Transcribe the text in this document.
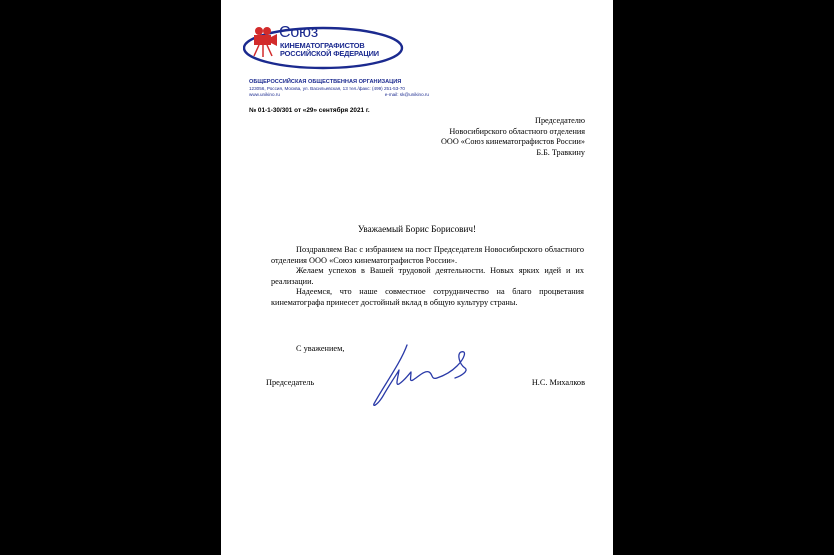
Союз
КИНЕМАТОГРАФИСТОВ
РОССИЙСКОЙ ФЕДЕРАЦИИ
ОБЩЕРОССИЙСКАЯ ОБЩЕСТВЕННАЯ ОРГАНИЗАЦИЯ
123056, Россия, Москва, ул. Васильевская, 13 тел./факс: (499) 251-53-70
www.unikino.ru	e-mail: sk@unikino.ru
№ 01-1-30/301 от «29» сентября 2021 г.
Председателю
Новосибирского областного отделения
ООО «Союз кинематографистов России»
Б.Б. Травкину
Уважаемый Борис Борисович!

Поздравляем Вас с избранием на пост Председателя Новосибирского областного отделения ООО «Союз кинематографистов России».

Желаем успехов в Вашей трудовой деятельности. Новых ярких идей и их реализации.

Надеемся, что наше совместное сотрудничество на благо процветания кинематографа принесет достойный вклад в общую культуру страны.

С уважением,
Председатель	Н.С. Михалков
